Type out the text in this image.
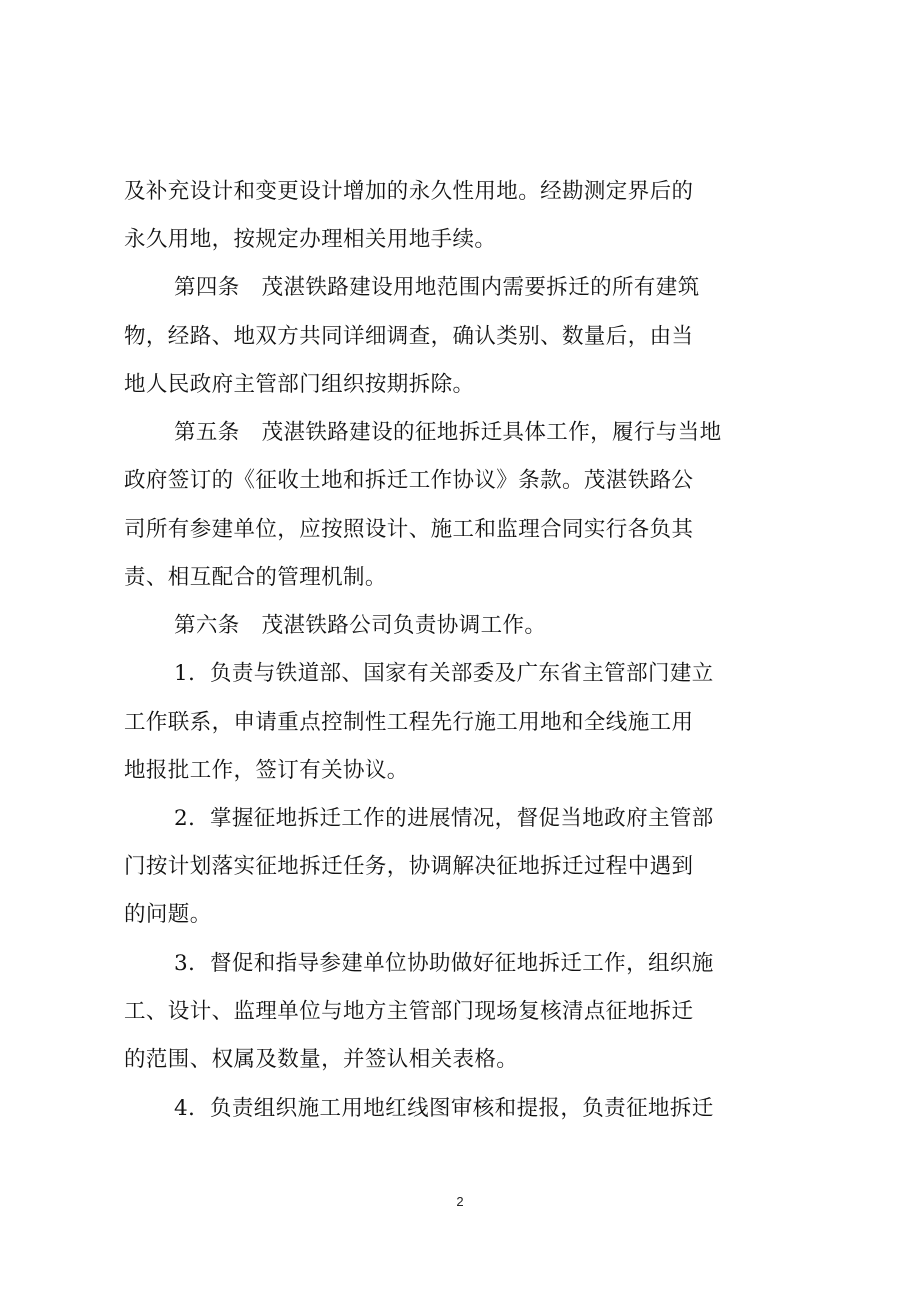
及补充设计和变更设计增加的永久性用地。经勘测定界后的
永久用地，按规定办理相关用地手续。
第四条　茂湛铁路建设用地范围内需要拆迁的所有建筑
物，经路、地双方共同详细调查，确认类别、数量后，由当
地人民政府主管部门组织按期拆除。
第五条　茂湛铁路建设的征地拆迁具体工作，履行与当地
政府签订的《征收土地和拆迁工作协议》条款。茂湛铁路公
司所有参建单位，应按照设计、施工和监理合同实行各负其
责、相互配合的管理机制。
第六条　茂湛铁路公司负责协调工作。
1．负责与铁道部、国家有关部委及广东省主管部门建立
工作联系，申请重点控制性工程先行施工用地和全线施工用
地报批工作，签订有关协议。
2．掌握征地拆迁工作的进展情况，督促当地政府主管部
门按计划落实征地拆迁任务，协调解决征地拆迁过程中遇到
的问题。
3．督促和指导参建单位协助做好征地拆迁工作，组织施
工、设计、监理单位与地方主管部门现场复核清点征地拆迁
的范围、权属及数量，并签认相关表格。
4．负责组织施工用地红线图审核和提报，负责征地拆迁
2
